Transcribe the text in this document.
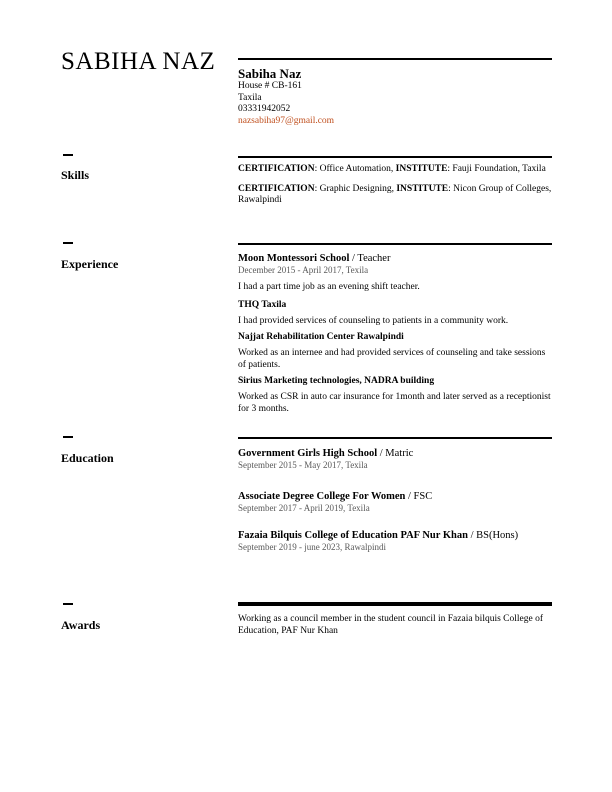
SABIHA NAZ Sabiha Naz
House # CB-161
Taxila
03331942052
nazsabiha97@gmail.com
Skills	CERTIFICATION: Office Automation, INSTITUTE: Fauji Foundation, Taxila
CERTIFICATION: Graphic Designing, INSTITUTE: Nicon Group of Colleges, Rawalpindi
Experience	Moon Montessori School / Teacher
December 2015 - April 2017, Texila
I had a part time job as an evening shift teacher.
THQ Taxila
I had provided services of counseling to patients in a community work.
Najjat Rehabilitation Center Rawalpindi
Worked as an internee and had provided services of counseling and take sessions of patients.
Sirius Marketing technologies, NADRA building
Worked as CSR in auto car insurance for 1month and later served as a receptionist for 3 months.
Education	Government Girls High School / Matric
September 2015 - May 2017, Texila
Associate Degree College For Women / FSC
September 2017 - April 2019, Texila
Fazaia Bilquis College of Education PAF Nur Khan / BS(Hons)
September 2019 - june 2023, Rawalpindi
Awards	Working as a council member in the student council in Fazaia bilquis College of Education, PAF Nur Khan
